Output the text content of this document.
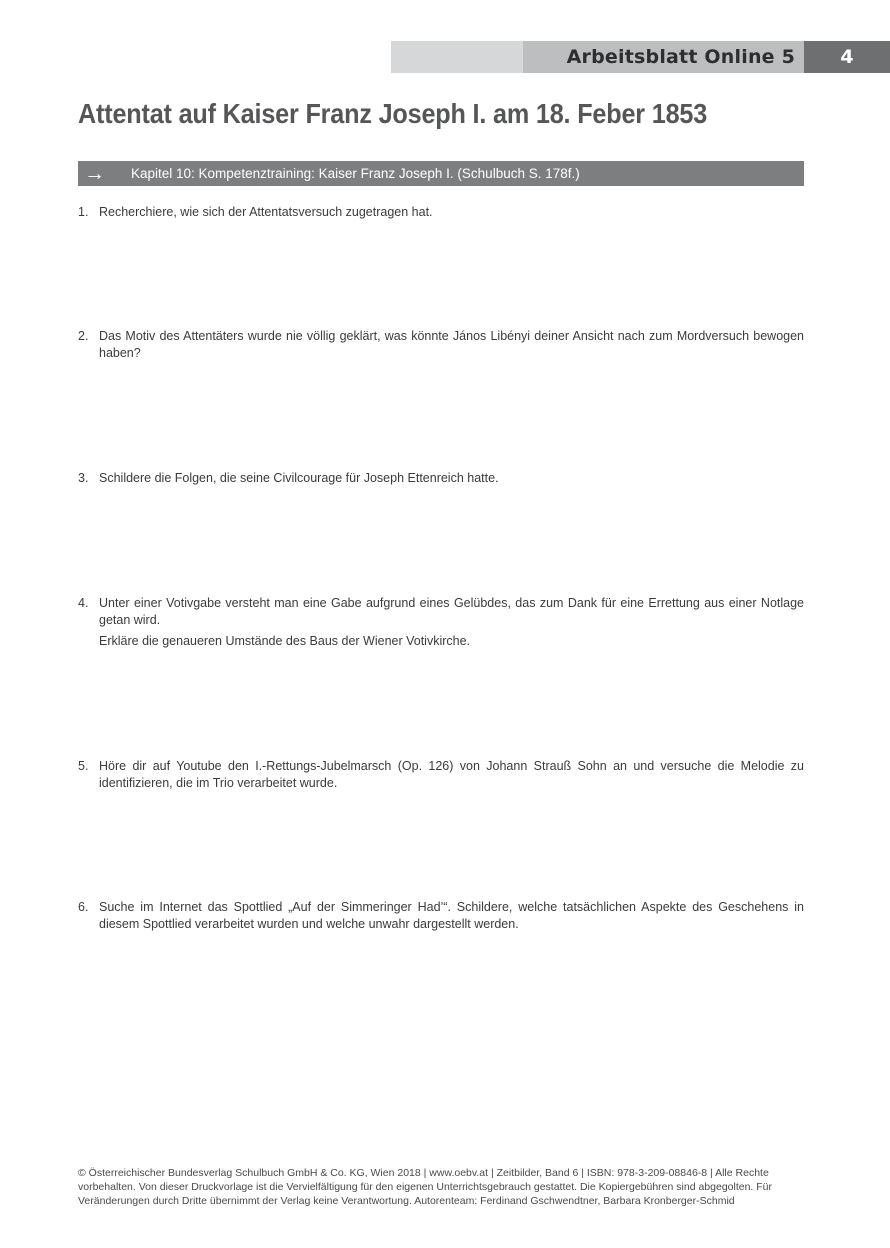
Arbeitsblatt Online 5	4
Attentat auf Kaiser Franz Joseph I. am 18. Feber 1853
→ Kapitel 10: Kompetenztraining: Kaiser Franz Joseph I. (Schulbuch S. 178f.)
1. Recherchiere, wie sich der Attentatsversuch zugetragen hat.

2. Das Motiv des Attentäters wurde nie völlig geklärt, was könnte János Libényi deiner Ansicht nach zum Mordversuch bewogen haben?

3. Schildere die Folgen, die seine Civilcourage für Joseph Ettenreich hatte.

4. Unter einer Votivgabe versteht man eine Gabe aufgrund eines Gelübdes, das zum Dank für eine Errettung aus einer Notlage getan wird.

Erkläre die genaueren Umstände des Baus der Wiener Votivkirche.

5. Höre dir auf Youtube den I.-Rettungs-Jubelmarsch (Op. 126) von Johann Strauß Sohn an und versuche die Melodie zu identifizieren, die im Trio verarbeitet wurde.

6. Suche im Internet das Spottlied „Auf der Simmeringer Had’“. Schildere, welche tatsächlichen Aspekte des Geschehens in diesem Spottlied verarbeitet wurden und welche unwahr dargestellt werden.

© Österreichischer Bundesverlag Schulbuch GmbH & Co. KG, Wien 2018 | www.oebv.at | Zeitbilder, Band 6 | ISBN: 978-3-209-08846-8 | Alle Rechte vorbehalten. Von dieser Druckvorlage ist die Vervielfältigung für den eigenen Unterrichtsgebrauch gestattet. Die Kopiergebühren sind abgegolten. Für Veränderungen durch Dritte übernimmt der Verlag keine Verantwortung. Autorenteam: Ferdinand Gschwendtner, Barbara Kronberger-Schmid
